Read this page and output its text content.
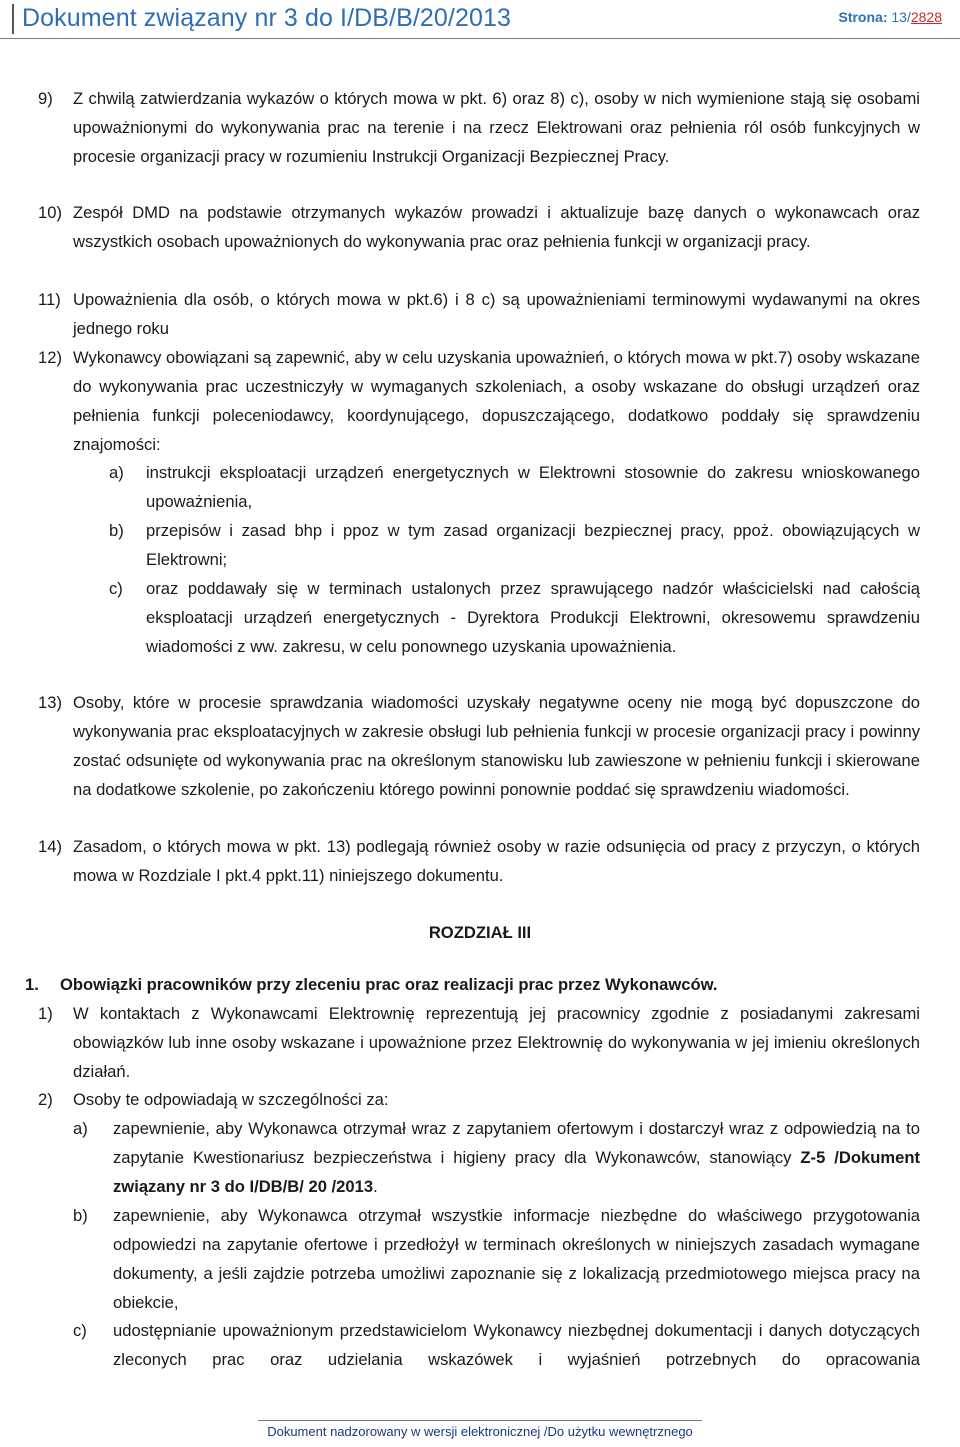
Dokument związany nr 3 do I/DB/B/20/2013	Strona: 13/2828
9) Z chwilą zatwierdzania wykazów o których mowa w pkt. 6) oraz 8) c), osoby w nich wymienione stają się osobami upoważnionymi do wykonywania prac na terenie i na rzecz Elektrowani oraz pełnienia ról osób funkcyjnych w procesie organizacji pracy w rozumieniu Instrukcji Organizacji Bezpiecznej Pracy.
10) Zespół DMD na podstawie otrzymanych wykazów prowadzi i aktualizuje bazę danych o wykonawcach oraz wszystkich osobach upoważnionych do wykonywania prac oraz pełnienia funkcji w organizacji pracy.
11) Upoważnienia dla osób, o których mowa w pkt.6) i 8 c) są upoważnieniami terminowymi wydawanymi na okres jednego roku
12) Wykonawcy obowiązani są zapewnić, aby w celu uzyskania upoważnień, o których mowa w pkt.7) osoby wskazane do wykonywania prac uczestniczyły w wymaganych szkoleniach, a osoby wskazane do obsługi urządzeń oraz pełnienia funkcji poleceniodawcy, koordynującego, dopuszczającego, dodatkowo poddały się sprawdzeniu znajomości:
a) instrukcji eksploatacji urządzeń energetycznych w Elektrowni stosownie do zakresu wnioskowanego upoważnienia,
b) przepisów i zasad bhp i ppoz w tym zasad organizacji bezpiecznej pracy, ppoż. obowiązujących w Elektrowni;
c) oraz poddawały się w terminach ustalonych przez sprawującego nadzór właścicielski nad całością eksploatacji urządzeń energetycznych - Dyrektora Produkcji Elektrowni, okresowemu sprawdzeniu wiadomości z ww. zakresu, w celu ponownego uzyskania upoważnienia.
13) Osoby, które w procesie sprawdzania wiadomości uzyskały negatywne oceny nie mogą być dopuszczone do wykonywania prac eksploatacyjnych w zakresie obsługi lub pełnienia funkcji w procesie organizacji pracy i powinny zostać odsunięte od wykonywania prac na określonym stanowisku lub zawieszone w pełnieniu funkcji i skierowane na dodatkowe szkolenie, po zakończeniu którego powinni ponownie poddać się sprawdzeniu wiadomości.
14) Zasadom, o których mowa w pkt. 13) podlegają również osoby w razie odsunięcia od pracy z przyczyn, o których mowa w Rozdziale I pkt.4 ppkt.11) niniejszego dokumentu.
ROZDZIAŁ III
1. Obowiązki pracowników przy zleceniu prac oraz realizacji prac przez Wykonawców.
1) W kontaktach z Wykonawcami Elektrownię reprezentują jej pracownicy zgodnie z posiadanymi zakresami obowiązków lub inne osoby wskazane i upoważnione przez Elektrownię do wykonywania w jej imieniu określonych działań.
2) Osoby te odpowiadają w szczególności za:
a) zapewnienie, aby Wykonawca otrzymał wraz z zapytaniem ofertowym i dostarczył wraz z odpowiedzią na to zapytanie Kwestionariusz bezpieczeństwa i higieny pracy dla Wykonawców, stanowiący Z-5 /Dokument związany nr 3 do I/DB/B/ 20 /2013.
b) zapewnienie, aby Wykonawca otrzymał wszystkie informacje niezbędne do właściwego przygotowania odpowiedzi na zapytanie ofertowe i przedłożył w terminach określonych w niniejszych zasadach wymagane dokumenty, a jeśli zajdzie potrzeba umożliwi zapoznanie się z lokalizacją przedmiotowego miejsca pracy na obiekcie,
c) udostępnianie upoważnionym przedstawicielom Wykonawcy niezbędnej dokumentacji i danych dotyczących zleconych prac oraz udzielania wskazówek i wyjaśnień potrzebnych do opracowania
Dokument nadzorowany w wersji elektronicznej /Do użytku wewnętrznego
